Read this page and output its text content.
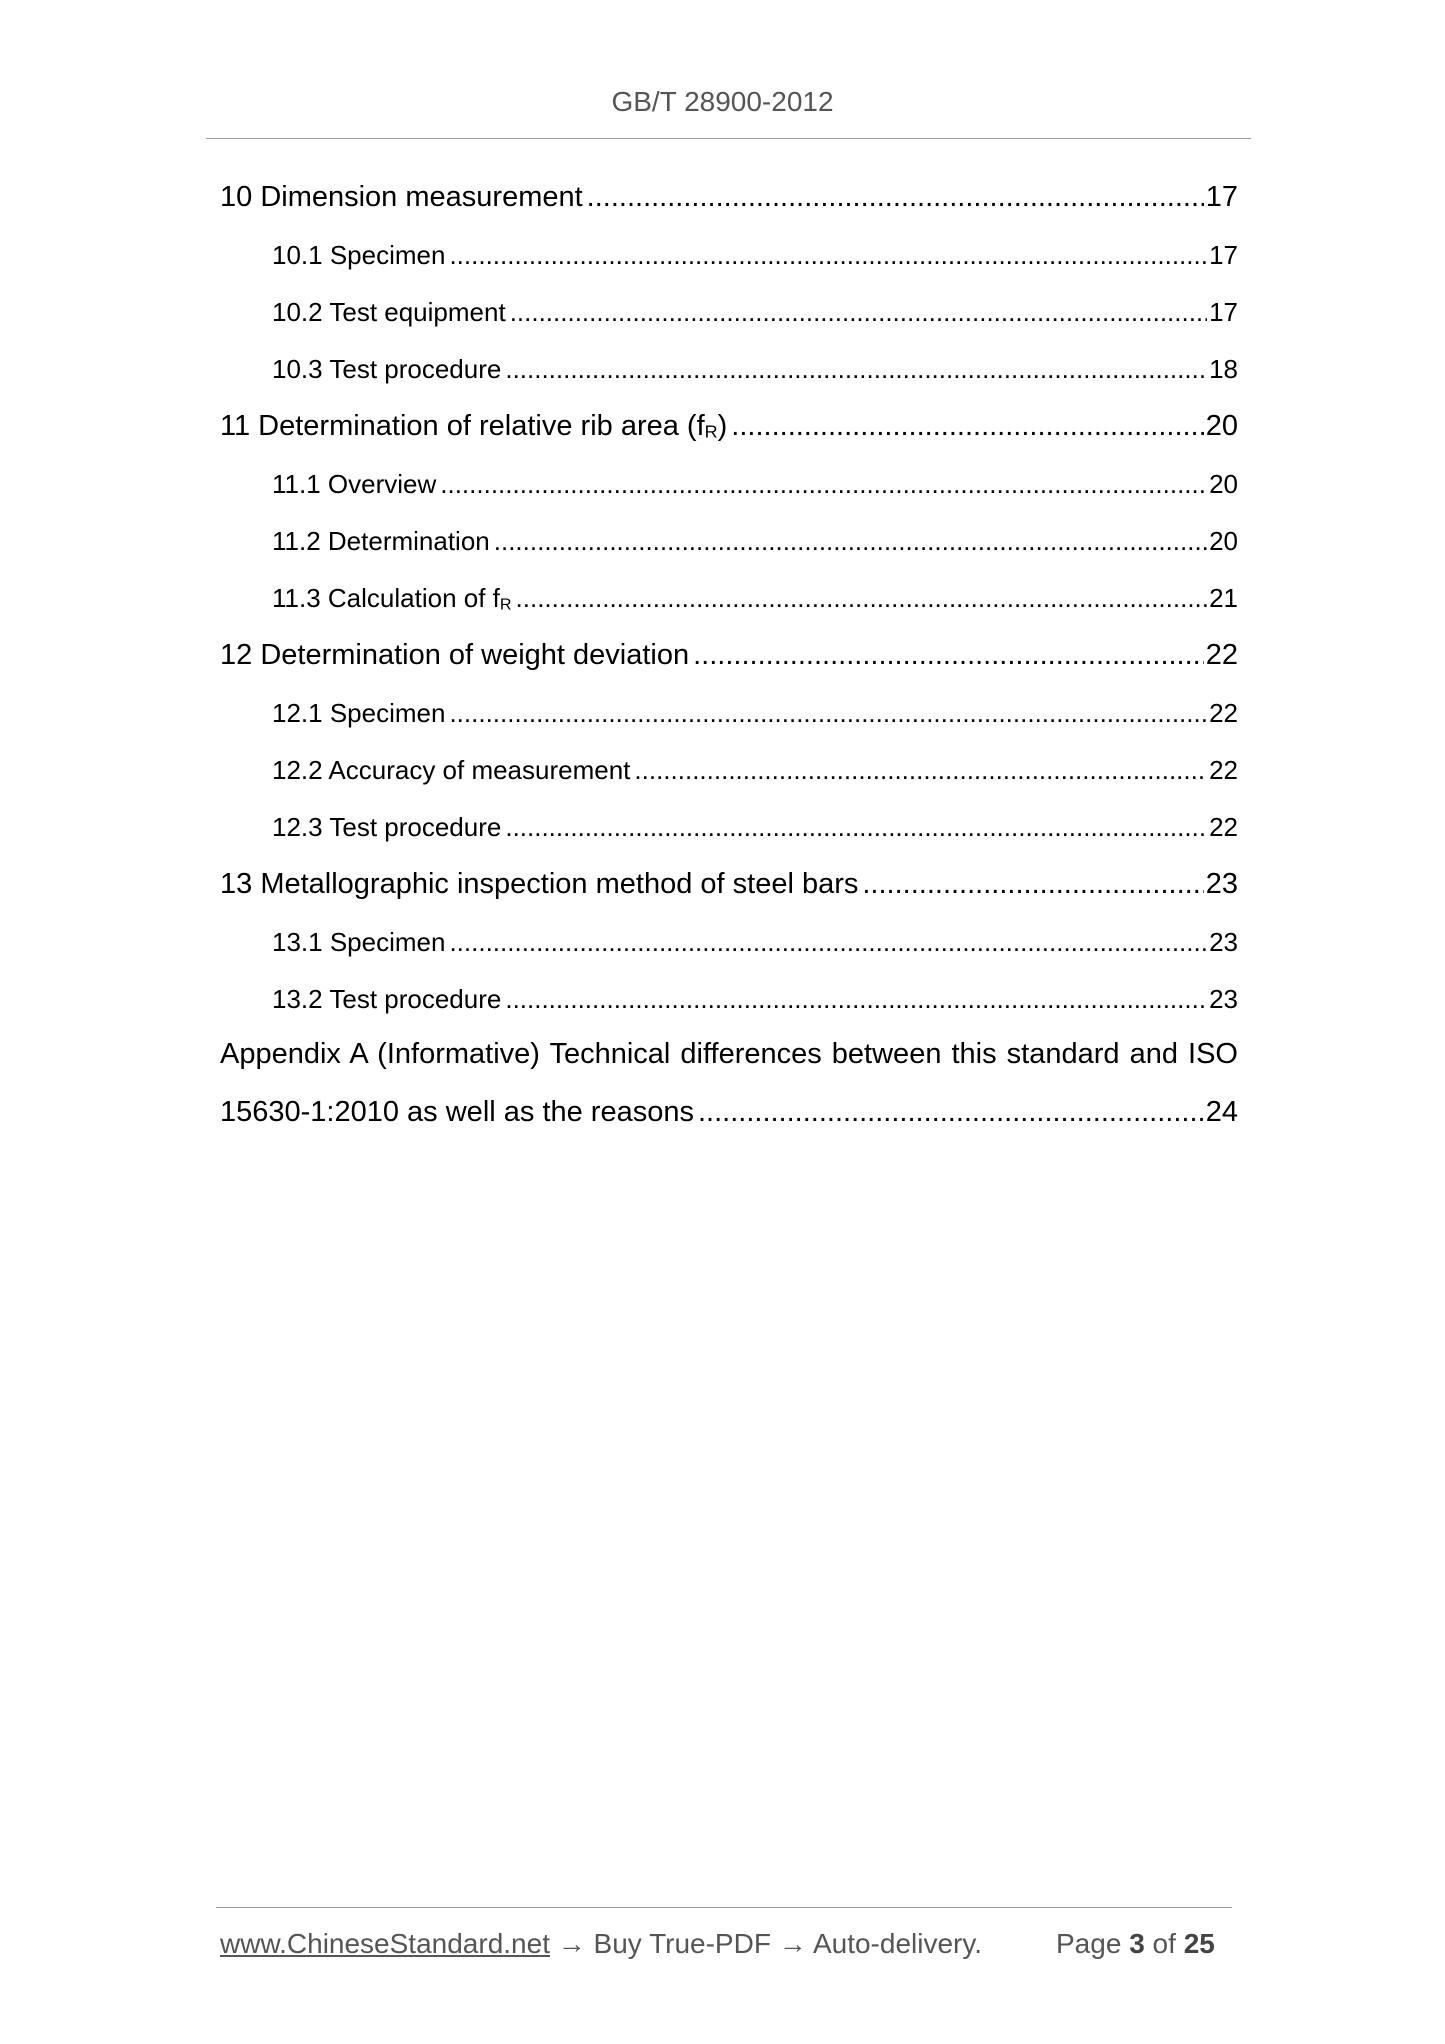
GB/T 28900-2012
10 Dimension measurement .....	17
10.1 Specimen .....	17
10.2 Test equipment .....	17
10.3 Test procedure .....	18
11 Determination of relative rib area (fR) .....	20
11.1 Overview .....	20
11.2 Determination .....	20
11.3 Calculation of fR .....	21
12 Determination of weight deviation .....	22
12.1 Specimen .....	22
12.2 Accuracy of measurement .....	22
12.3 Test procedure .....	22
13 Metallographic inspection method of steel bars .....	23
13.1 Specimen .....	23
13.2 Test procedure .....	23
Appendix A (Informative) Technical differences between this standard and ISO
15630-1:2010 as well as the reasons .....	24
www.ChineseStandard.net → Buy True-PDF → Auto-delivery.	Page 3 of 25
